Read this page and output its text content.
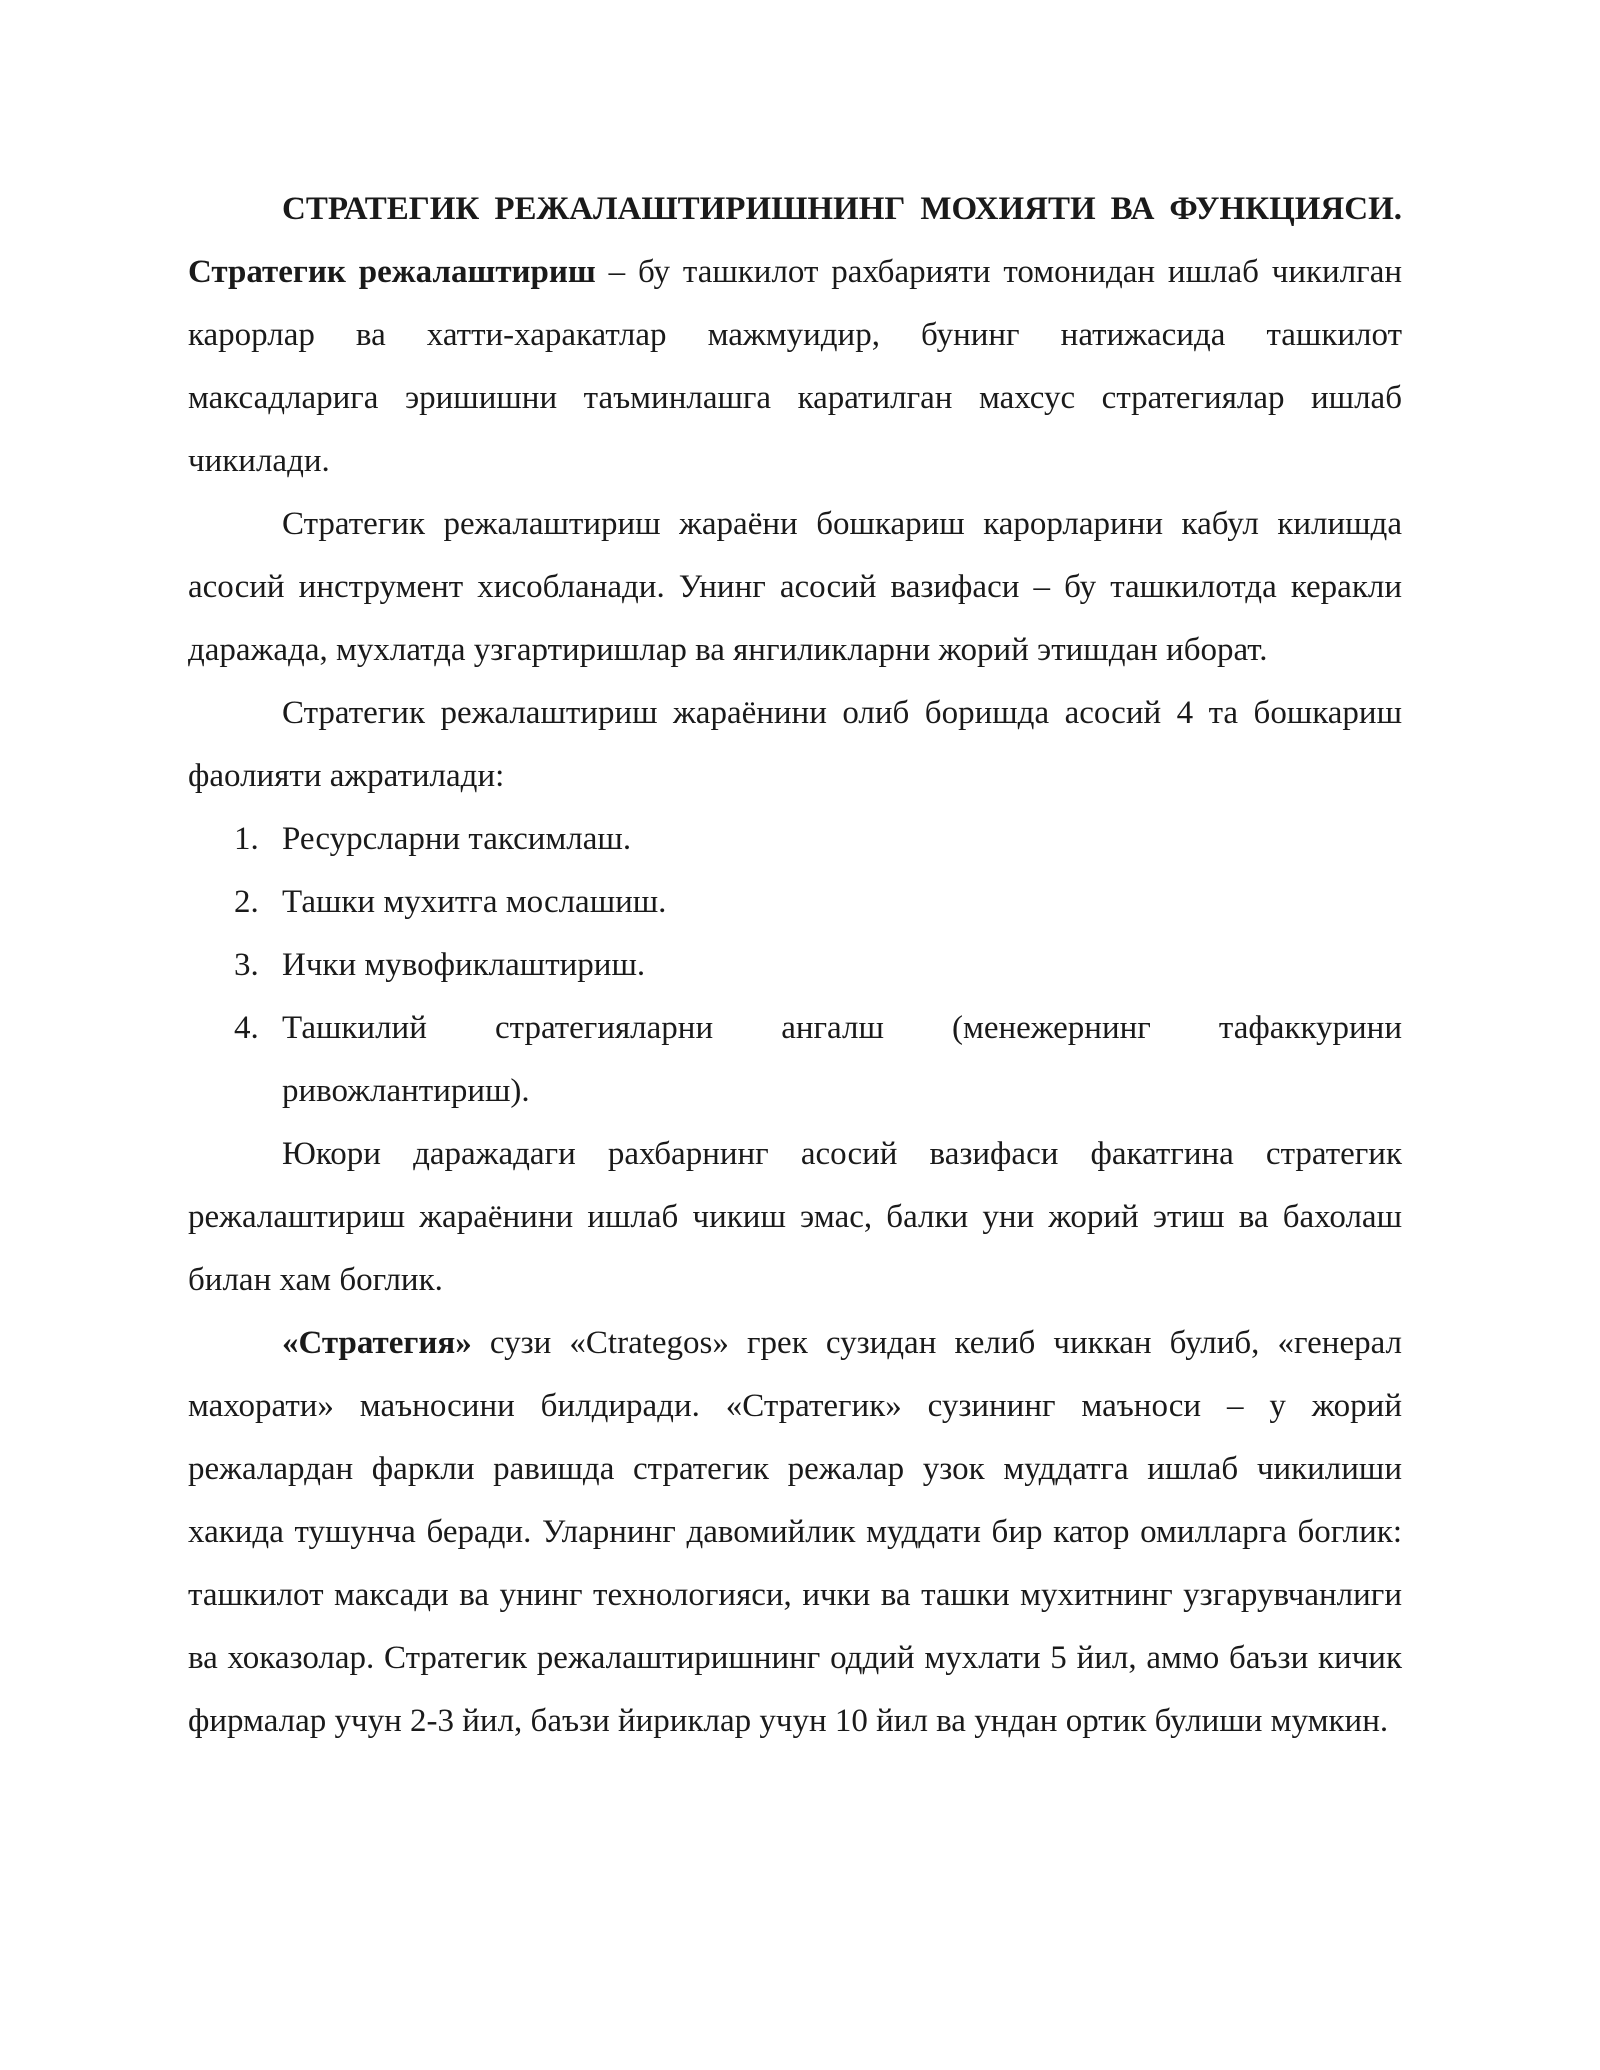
СТРАТЕГИК РЕЖАЛАШТИРИШНИНГ МОХИЯТИ ВА ФУНКЦИЯСИ. Стратегик режалаштириш – бу ташкилот рахбарияти томонидан ишлаб чикилган карорлар ва хатти-харакатлар мажмуидир, бунинг натижасида ташкилот максадларига эришишни таъминлашга каратилган махсус стратегиялар ишлаб чикилади.

Стратегик режалаштириш жараёни бошкариш карорларини кабул килишда асосий инструмент хисобланади. Унинг асосий вазифаси – бу ташкилотда керакли даражада, мухлатда узгартиришлар ва янгиликларни жорий этишдан иборат.

Стратегик режалаштириш жараёнини олиб боришда асосий 4 та бошкариш фаолияти ажратилади:

1. Ресурсларни таксимлаш.
2. Ташки мухитга мослашиш.
3. Ички мувофиклаштириш.
4. Ташкилий стратегияларни ангалш (менежернинг тафаккурини ривожлантириш).

Юкори даражадаги рахбарнинг асосий вазифаси факатгина стратегик режалаштириш жараёнини ишлаб чикиш эмас, балки уни жорий этиш ва бахолаш билан хам боглик.

«Стратегия» сузи «Ctrategos» грек сузидан келиб чиккан булиб, «генерал махорати» маъносини билдиради. «Стратегик» сузининг маъноси – у жорий режалардан фаркли равишда стратегик режалар узок муддатга ишлаб чикилиши хакида тушунча беради. Уларнинг давомийлик муддати бир катор омилларга боглик: ташкилот максади ва унинг технологияси, ички ва ташки мухитнинг узгарувчанлиги ва хоказолар. Стратегик режалаштиришнинг оддий мухлати 5 йил, аммо баъзи кичик фирмалар учун 2-3 йил, баъзи йириклар учун 10 йил ва ундан ортик булиши мумкин.
